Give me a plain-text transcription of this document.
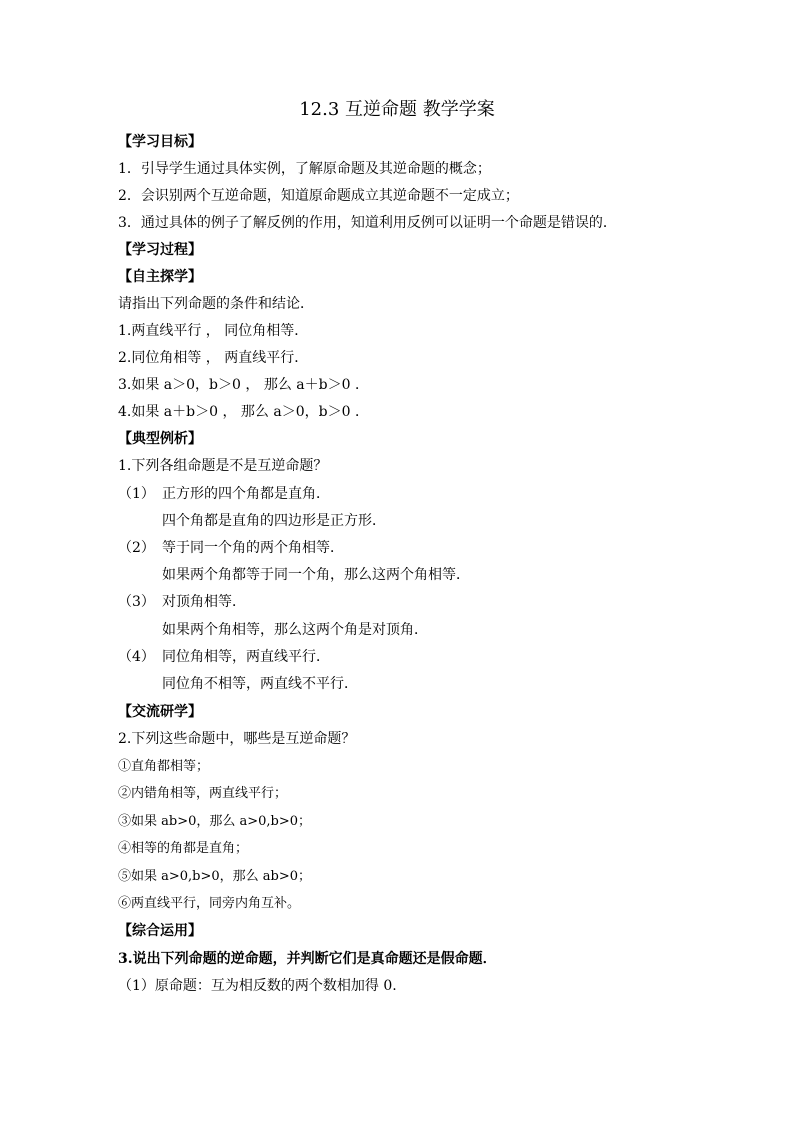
12.3 互逆命题 教学学案
【学习目标】
1．引导学生通过具体实例，了解原命题及其逆命题的概念；
2．会识别两个互逆命题，知道原命题成立其逆命题不一定成立；
3．通过具体的例子了解反例的作用，知道利用反例可以证明一个命题是错误的．
【学习过程】
【自主探学】
请指出下列命题的条件和结论．
1.两直线平行 ， 同位角相等．
2.同位角相等 ， 两直线平行．
3.如果 a＞0，b＞0 ， 那么 a＋b＞0 ．
4.如果 a＋b＞0 ， 那么 a＞0，b＞0 ．
【典型例析】
1.下列各组命题是不是互逆命题？
（1） 正方形的四个角都是直角．
四个角都是直角的四边形是正方形．
（2） 等于同一个角的两个角相等．
如果两个角都等于同一个角，那么这两个角相等．
（3） 对顶角相等．
如果两个角相等，那么这两个角是对顶角．
（4） 同位角相等，两直线平行．
同位角不相等，两直线不平行．
【交流研学】
2.下列这些命题中，哪些是互逆命题？
①直角都相等；
②内错角相等，两直线平行；
③如果 ab>0，那么 a>0,b>0；
④相等的角都是直角；
⑤如果 a>0,b>0，那么 ab>0；
⑥两直线平行，同旁内角互补。
【综合运用】
3.说出下列命题的逆命题，并判断它们是真命题还是假命题．
（1）原命题：互为相反数的两个数相加得 0.
